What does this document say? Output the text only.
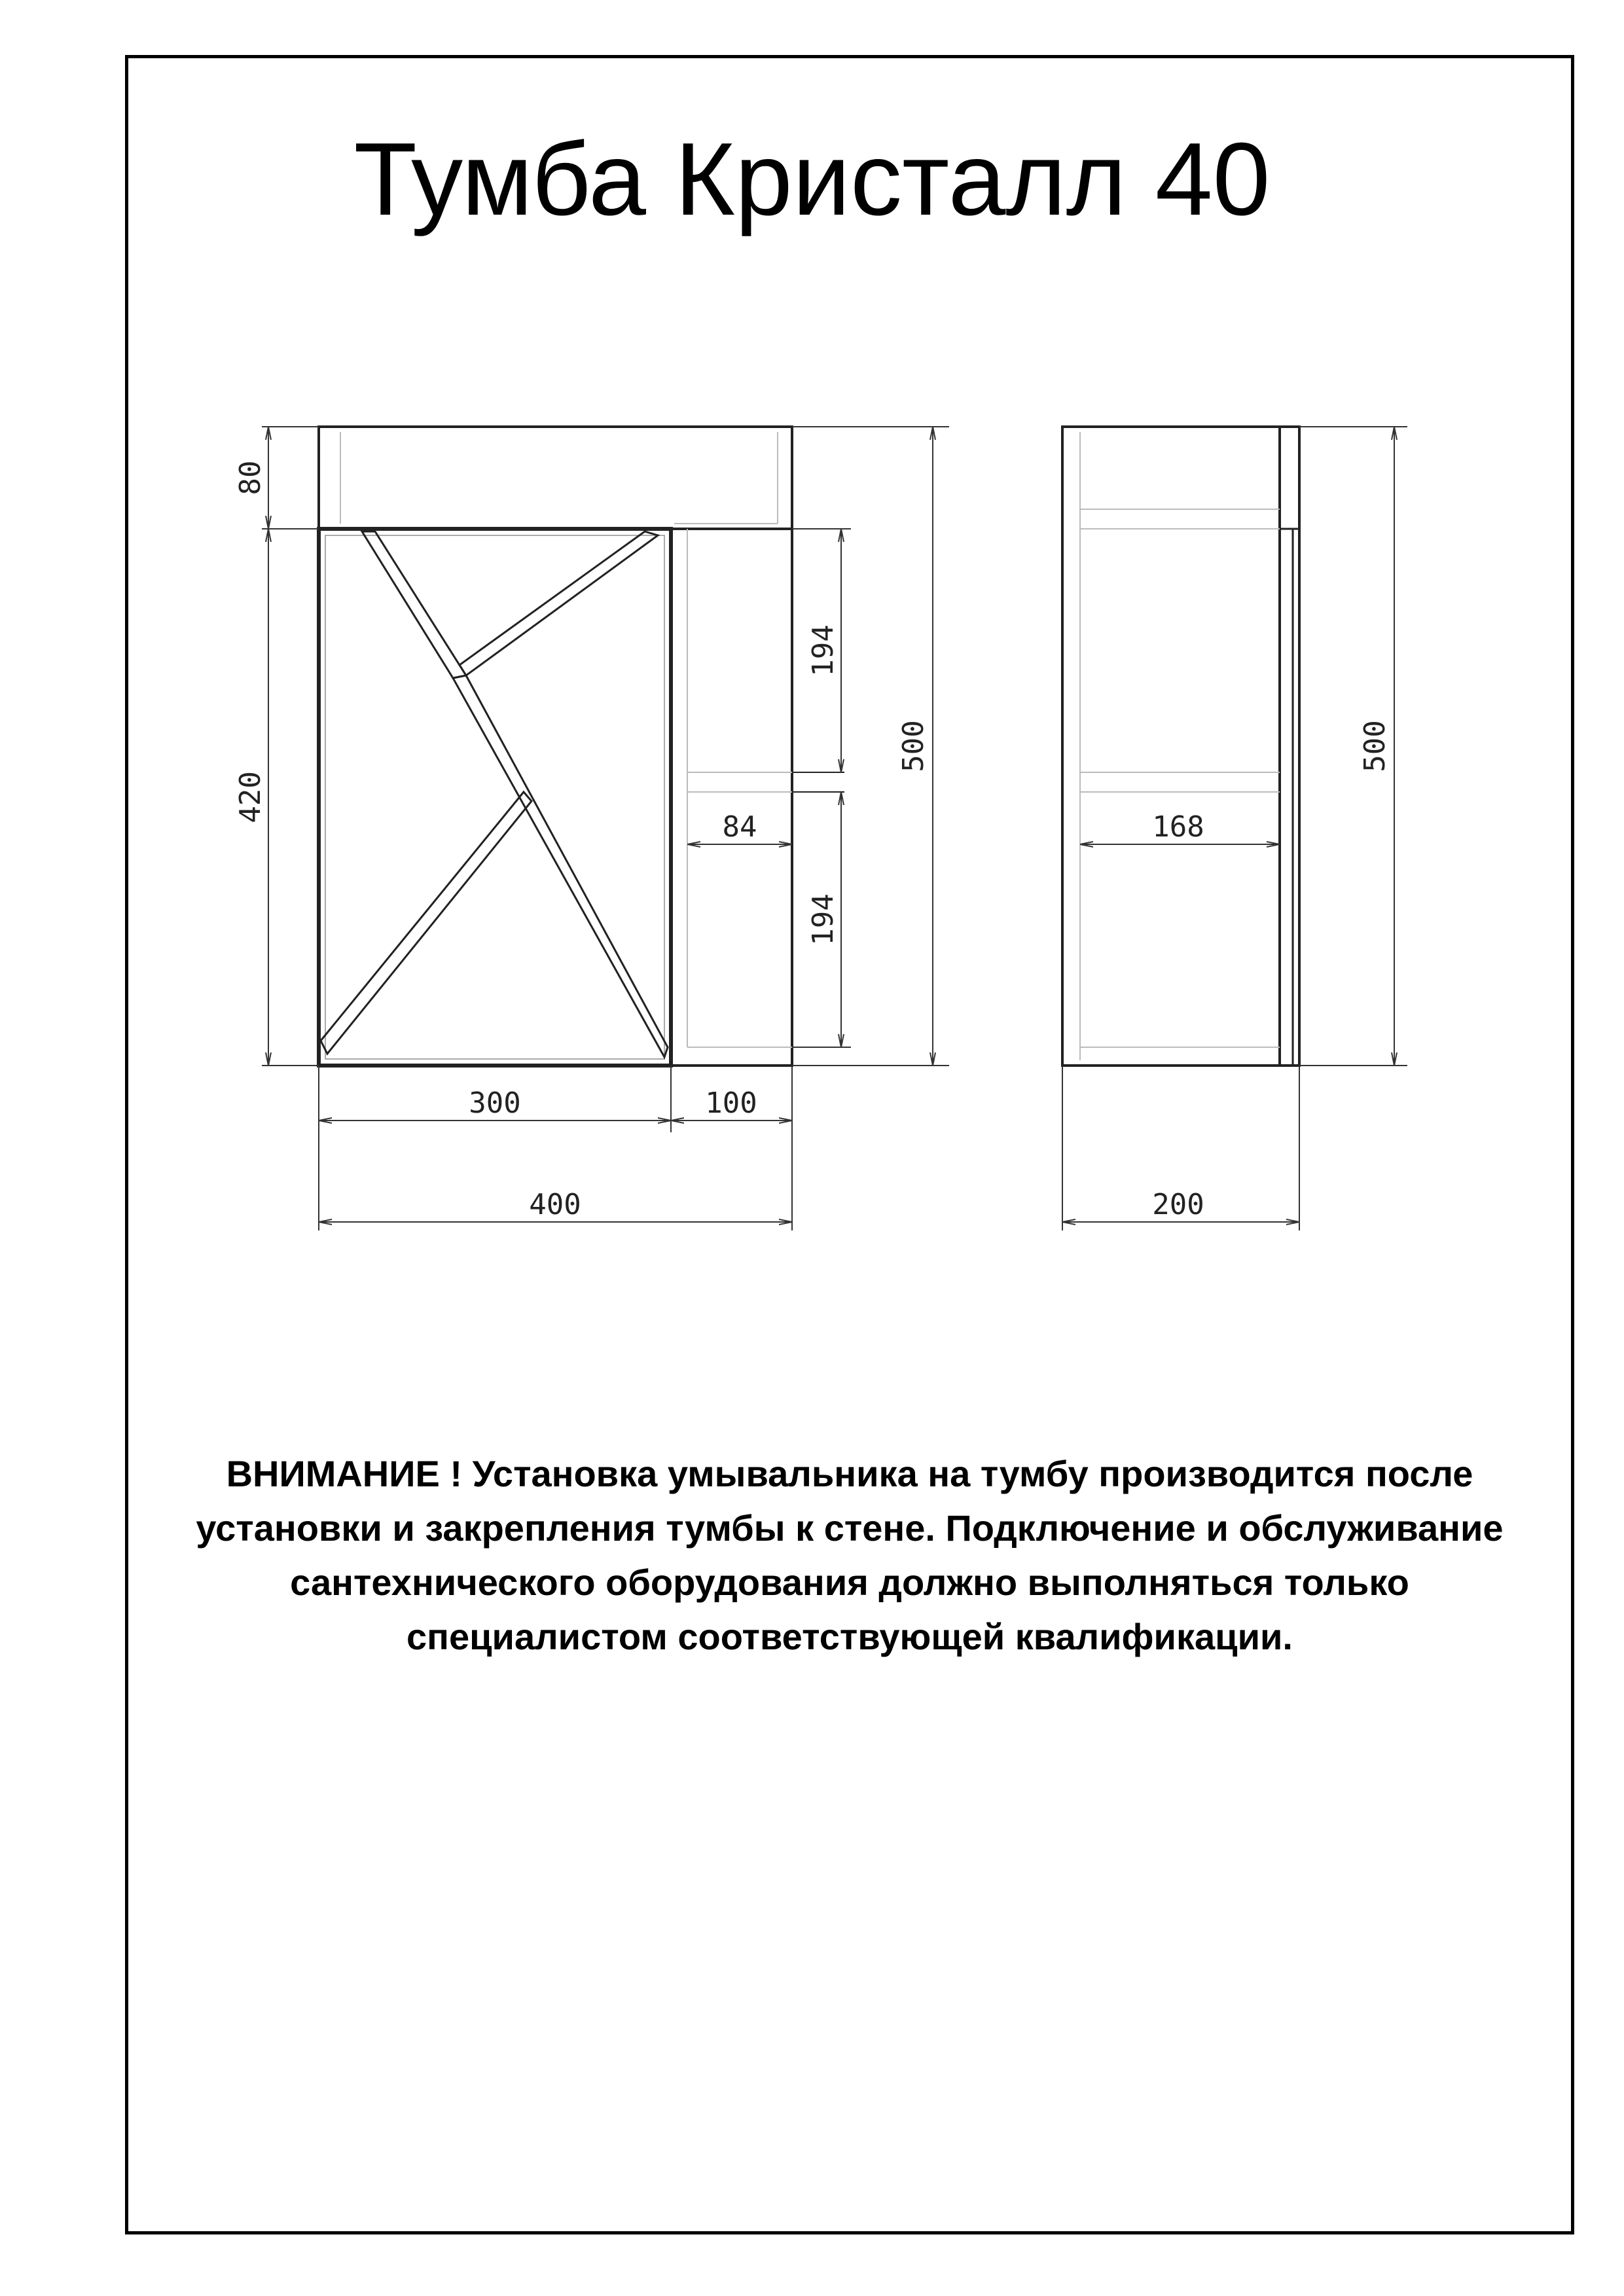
Тумба Кристалл 40
80
420
500
194
194
84
300	100
400
500
168
200
ВНИМАНИЕ ! Установка умывальника на тумбу производится после
установки и закрепления тумбы к стене. Подключение и обслуживание
сантехнического оборудования должно выполняться только
специалистом соответствующей квалификации.
